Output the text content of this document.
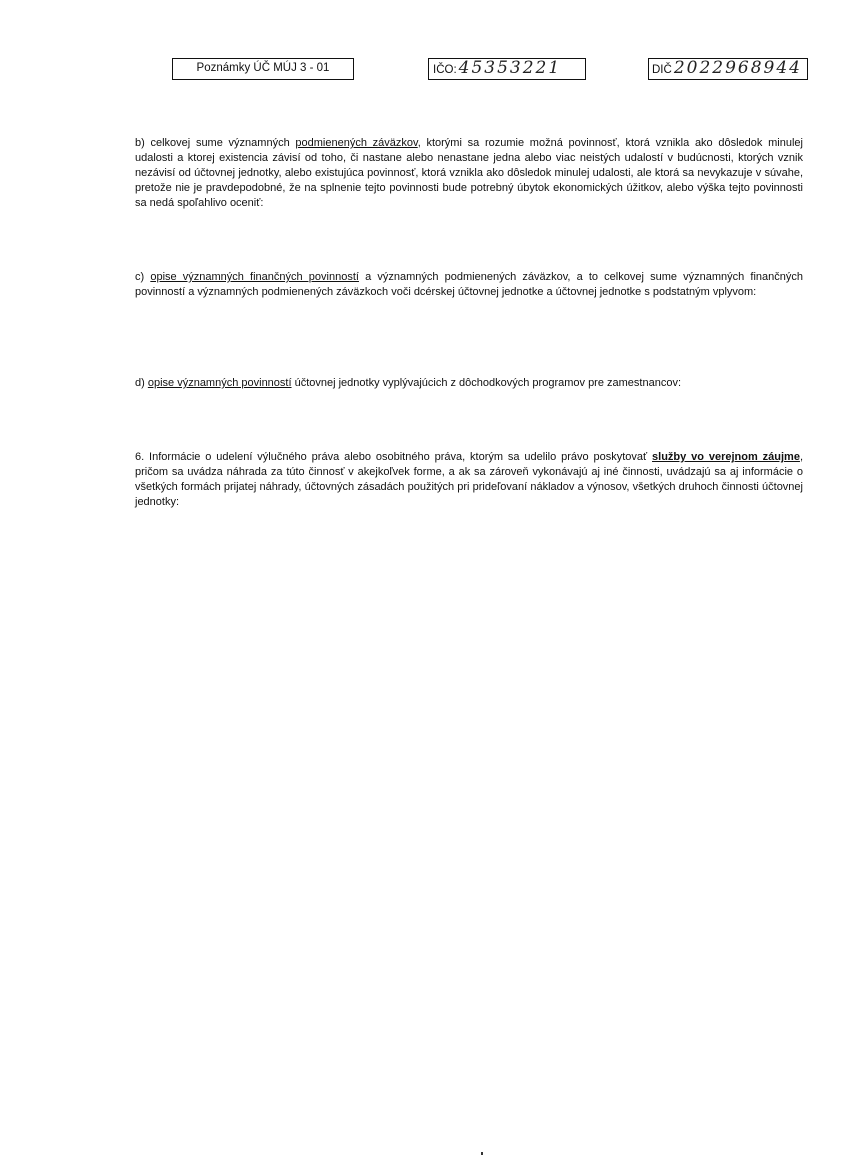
Poznámky ÚČ MÚJ 3 - 01	IČO: 45353221	DIČ 2022968944
b) celkovej sume významných podmienených záväzkov, ktorými sa rozumie možná povinnosť, ktorá vznikla ako dôsledok minulej udalosti a ktorej existencia závisí od toho, či nastane alebo nenastane jedna alebo viac neistých udalostí v budúcnosti, ktorých vznik nezávisí od účtovnej jednotky, alebo existujúca povinnosť, ktorá vznikla ako dôsledok minulej udalosti, ale ktorá sa nevykazuje v súvahe, pretože nie je pravdepodobné, že na splnenie tejto povinnosti bude potrebný úbytok ekonomických úžitkov, alebo výška tejto povinnosti sa nedá spoľahlivo oceniť:
c) opise významných finančných povinností a významných podmienených záväzkov, a to celkovej sume významných finančných povinností a významných podmienených záväzkoch voči dcérskej účtovnej jednotke a účtovnej jednotke s podstatným vplyvom:
d) opise významných povinností účtovnej jednotky vyplývajúcich z dôchodkových programov pre zamestnancov:
6. Informácie o udelení výlučného práva alebo osobitného práva, ktorým sa udelilo právo poskytovať služby vo verejnom záujme, pričom sa uvádza náhrada za túto činnosť v akejkoľvek forme, a ak sa zároveň vykonávajú aj iné činnosti, uvádzajú sa aj informácie o všetkých formách prijatej náhrady, účtovných zásadách použitých pri prideľovaní nákladov a výnosov, všetkých druhoch činnosti účtovnej jednotky:
